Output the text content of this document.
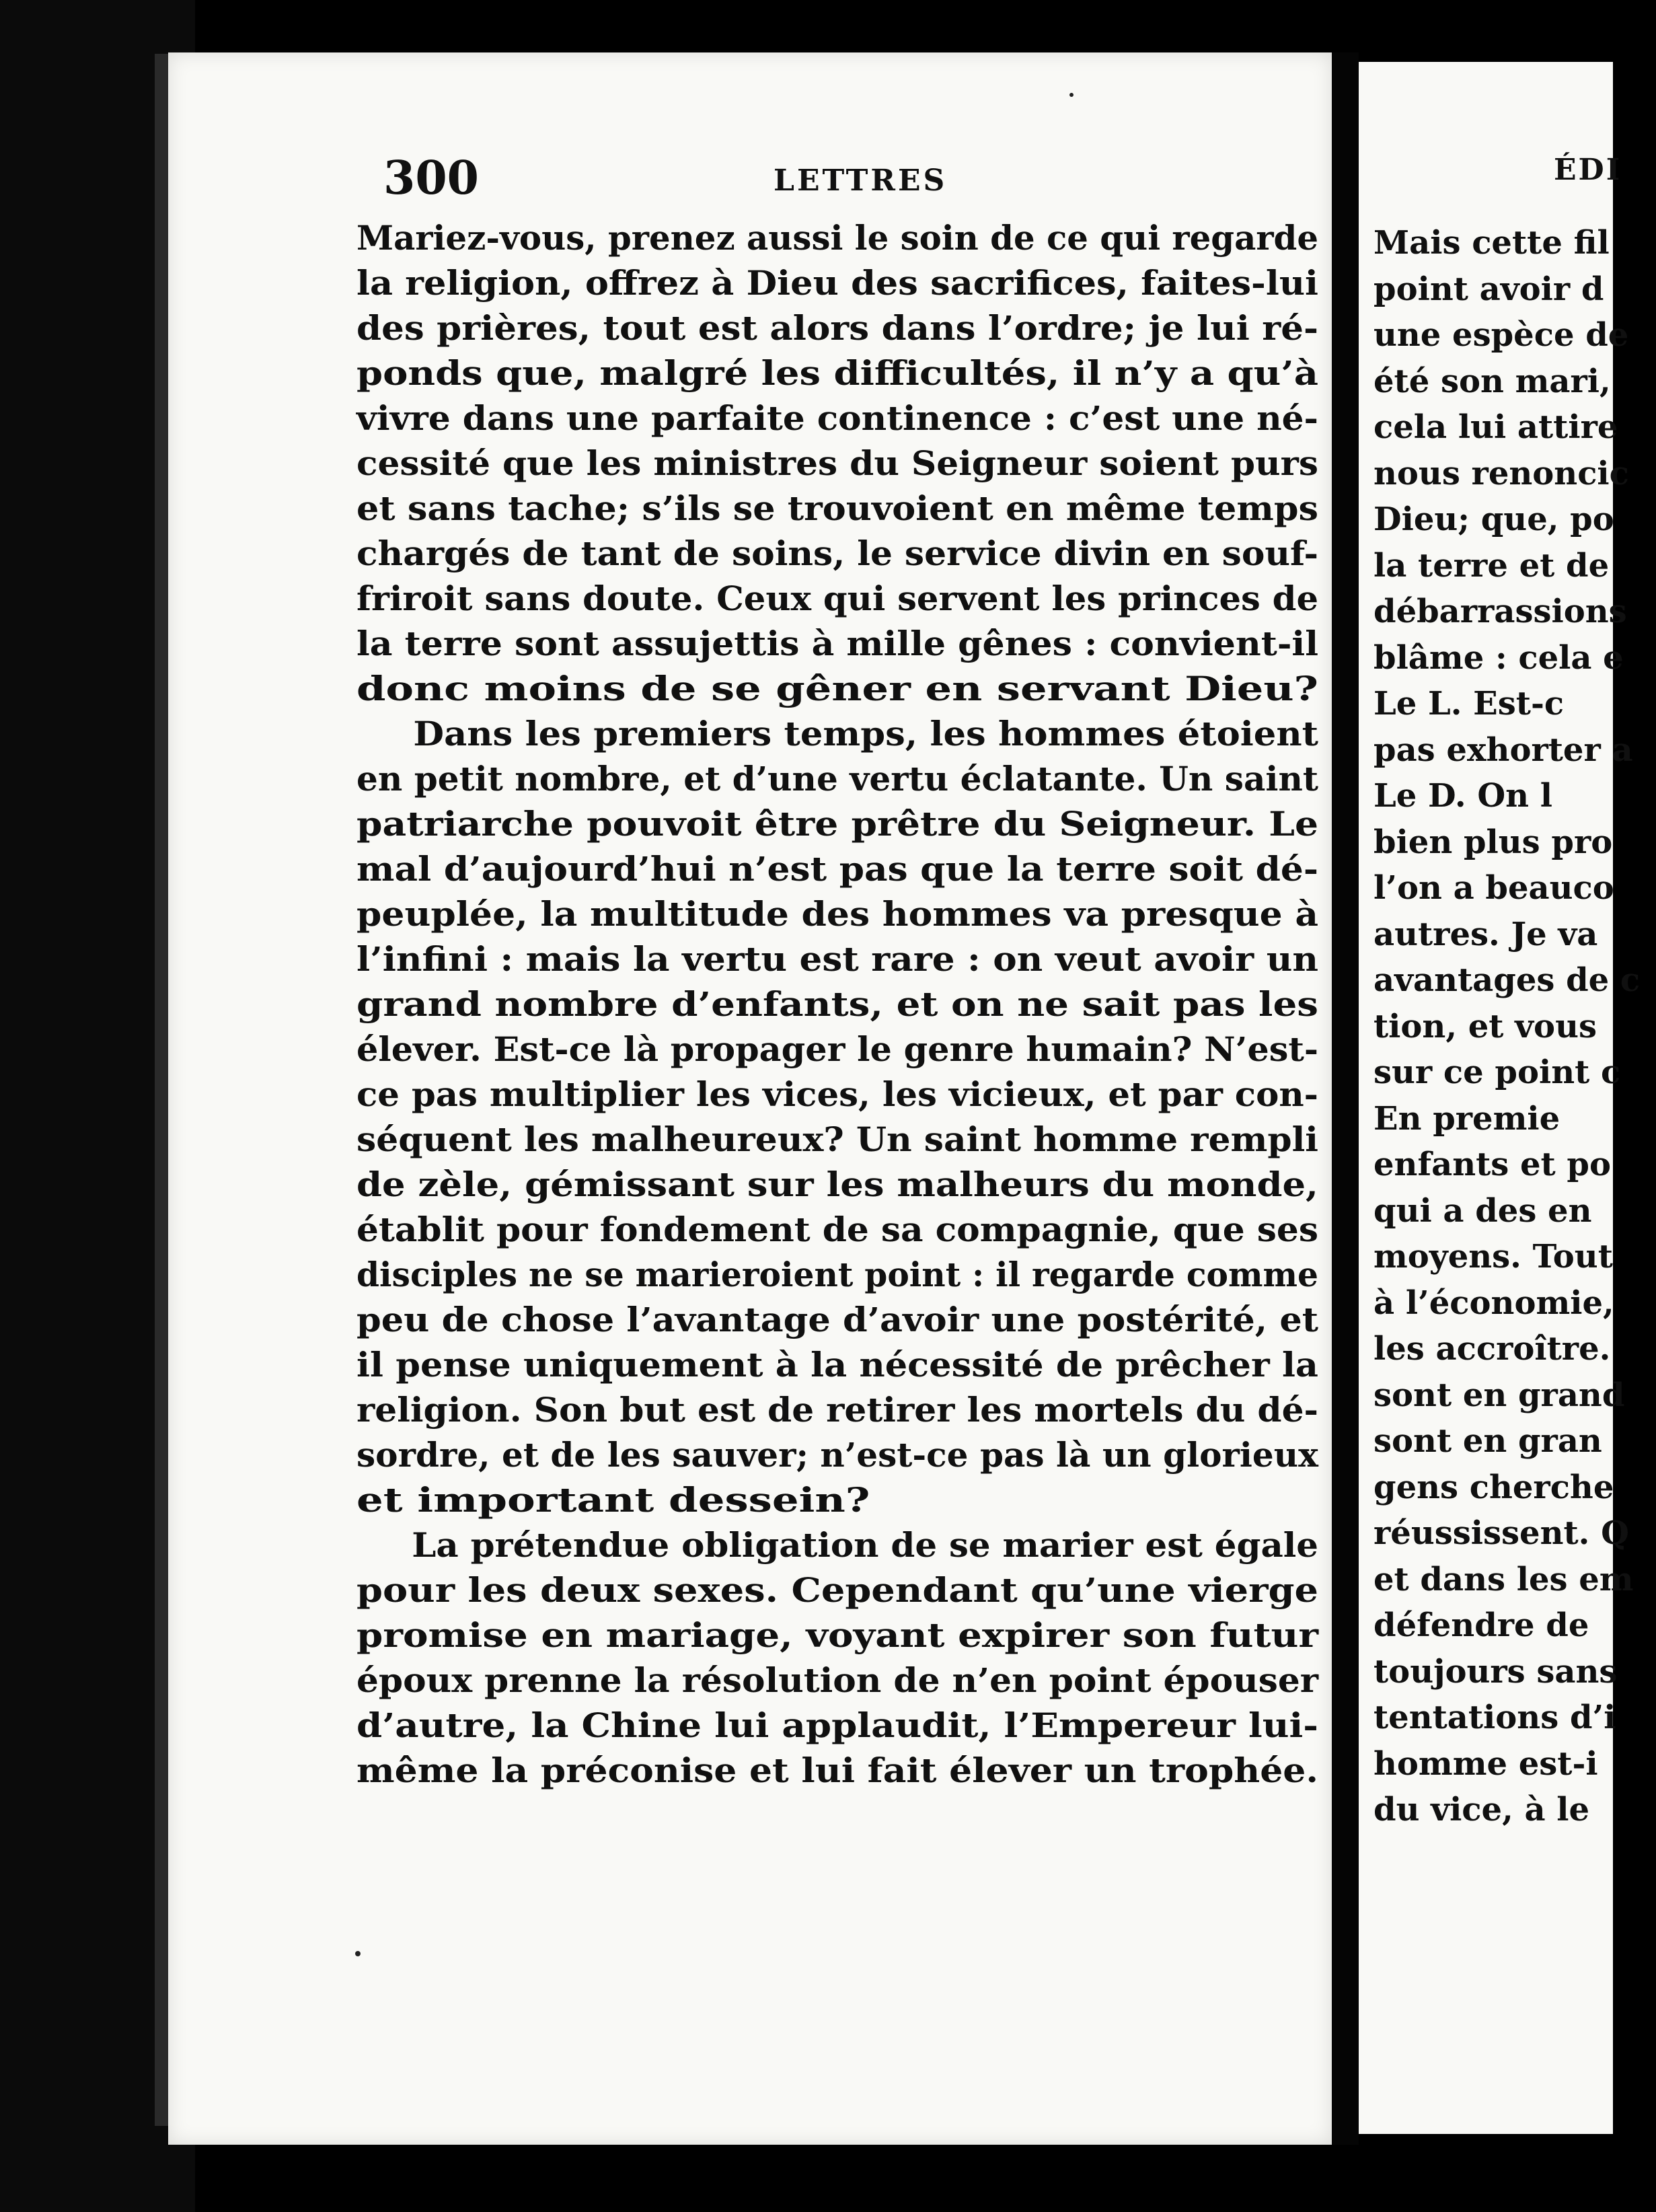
300	LETTRES

Mariez-vous, prenez aussi le soin de ce qui regarde
la religion, offrez à Dieu des sacrifices, faites-lui
des prières, tout est alors dans l’ordre; je lui ré-
ponds que, malgré les difficultés, il n’y a qu’à
vivre dans une parfaite continence : c’est une né-
cessité que les ministres du Seigneur soient purs
et sans tache; s’ils se trouvoient en même temps
chargés de tant de soins, le service divin en souf-
friroit sans doute. Ceux qui servent les princes de
la terre sont assujettis à mille gênes : convient-il
donc moins de se gêner en servant Dieu?

Dans les premiers temps, les hommes étoient
en petit nombre, et d’une vertu éclatante. Un saint
patriarche pouvoit être prêtre du Seigneur. Le
mal d’aujourd’hui n’est pas que la terre soit dé-
peuplée, la multitude des hommes va presque à
l’infini : mais la vertu est rare : on veut avoir un
grand nombre d’enfants, et on ne sait pas les
élever. Est-ce là propager le genre humain? N’est-
ce pas multiplier les vices, les vicieux, et par con-
séquent les malheureux? Un saint homme rempli
de zèle, gémissant sur les malheurs du monde,
établit pour fondement de sa compagnie, que ses
disciples ne se marieroient point : il regarde comme
peu de chose l’avantage d’avoir une postérité, et
il pense uniquement à la nécessité de prêcher la
religion. Son but est de retirer les mortels du dé-
sordre, et de les sauver; n’est-ce pas là un glorieux
et important dessein?

La prétendue obligation de se marier est égale
pour les deux sexes. Cependant qu’une vierge
promise en mariage, voyant expirer son futur
époux prenne la résolution de n’en point épouser
d’autre, la Chine lui applaudit, l’Empereur lui-
même la préconise et lui fait élever un trophée.

ÉDI
Mais cette fil
point avoir d
une espèce de
été son mari,
cela lui attire
nous renoncic
Dieu; que, po
la terre et de
débarrassions
blâme : cela e
Le L. Est-c
pas exhorter a
Le D. On l
bien plus pro
l’on a beauco
autres. Je va
avantages de c
tion, et vous
sur ce point c
En premie
enfants et po
qui a des en
moyens. Tout
à l’économie,
les accroître.
sont en grand
sont en gran
gens cherche
réussissent. Q
et dans les em
défendre de
toujours sans
tentations d’i
homme est-i
du vice, à le
